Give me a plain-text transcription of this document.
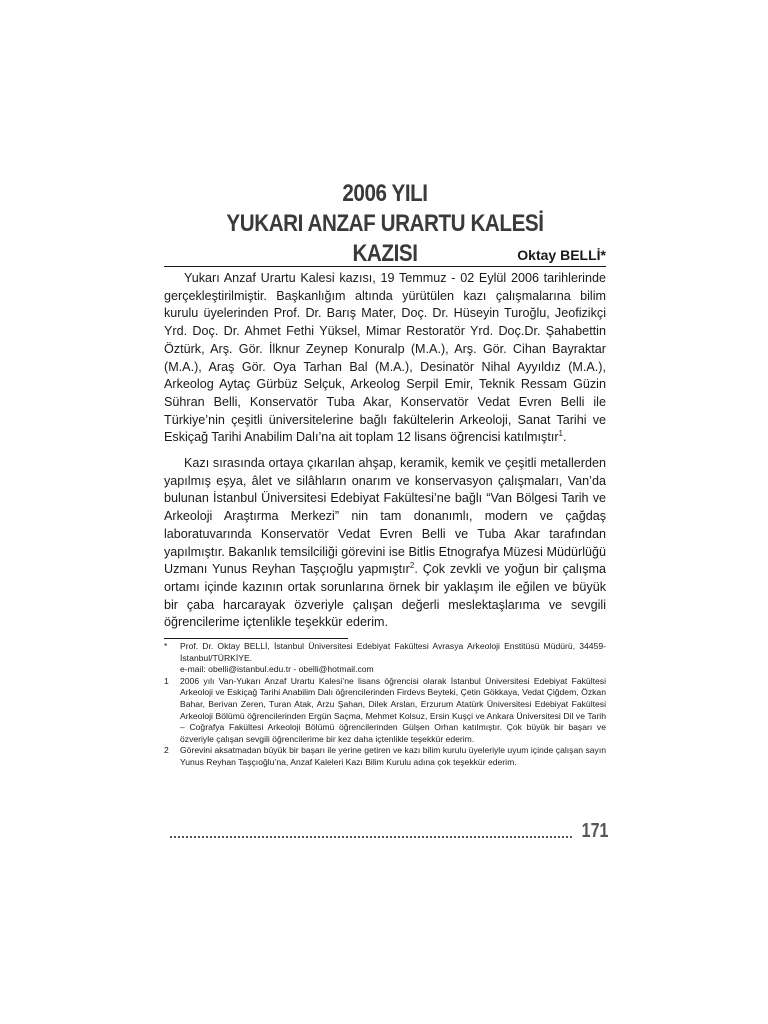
2006 YILI
YUKARI ANZAF URARTU KALESİ KAZISI	Oktay BELLİ*

Yukarı Anzaf Urartu Kalesi kazısı, 19 Temmuz - 02 Eylül 2006 tarihlerinde gerçekleştirilmiştir. Başkanlığım altında yürütülen kazı çalışmalarına bilim kurulu üyelerinden Prof. Dr. Barış Mater, Doç. Dr. Hüseyin Turoğlu, Jeofizikçi Yrd. Doç. Dr. Ahmet Fethi Yüksel, Mimar Restoratör Yrd. Doç.Dr. Şahabettin Öztürk, Arş. Gör. İlknur Zeynep Konuralp (M.A.), Arş. Gör. Cihan Bayraktar (M.A.), Araş Gör. Oya Tarhan Bal (M.A.), Desinatör Nihal Ayyıldız (M.A.), Arkeolog Aytaç Gürbüz Selçuk, Arkeolog Serpil Emir, Teknik Ressam Güzin Sühran Belli, Konservatör Tuba Akar, Konservatör Vedat Evren Belli ile Türkiye’nin çeşitli üniversitelerine bağlı fakültelerin Arkeoloji, Sanat Tarihi ve Eskiçağ Tarihi Anabilim Dalı’na ait toplam 12 lisans öğrencisi katılmıştır$^1$.

Kazı sırasında ortaya çıkarılan ahşap, keramik, kemik ve çeşitli metallerden yapılmış eşya, âlet ve silâhların onarım ve konservasyon çalışmaları, Van’da bulunan İstanbul Üniversitesi Edebiyat Fakültesi’ne bağlı “Van Bölgesi Tarih ve Arkeoloji Araştırma Merkezi” nin tam donanımlı, modern ve çağdaş laboratuvarında Konservatör Vedat Evren Belli ve Tuba Akar tarafından yapılmıştır. Bakanlık temsilciliği görevini ise Bitlis Etnografya Müzesi Müdürlüğü Uzmanı Yunus Reyhan Taşçıoğlu yapmıştır$^2$. Çok zevkli ve yoğun bir çalışma ortamı içinde kazının ortak sorunlarına örnek bir yaklaşım ile eğilen ve büyük bir çaba harcarayak özveriyle çalışan değerli meslektaşlarıma ve sevgili öğrencilerime içtenlikle teşekkür ederim.

*	Prof. Dr. Oktay BELLİ, İstanbul Üniversitesi Edebiyat Fakültesi Avrasya Arkeoloji Enstitüsü Müdürü, 34459-İstanbul/TÜRKİYE.
e-mail: obelli@istanbul.edu.tr - obelli@hotmail.com
1	2006 yılı Van-Yukarı Anzaf Urartu Kalesi’ne lisans öğrencisi olarak İstanbul Üniversitesi Edebiyat Fakültesi Arkeoloji ve Eskiçağ Tarihi Anabilim Dalı öğrencilerinden Firdevs Beyteki, Çetin Gökkaya, Vedat Çiğdem, Özkan Bahar, Berivan Zeren, Turan Atak, Arzu Şahan, Dilek Arslan, Erzurum Atatürk Üniversitesi Edebiyat Fakültesi Arkeoloji Bölümü öğrencilerinden Ergün Saçma, Mehmet Kolsuz, Ersin Kuşçi ve Ankara Üniversitesi Dil ve Tarih – Coğrafya Fakültesi Arkeoloji Bölümü öğrencilerinden Gülşen Orhan katılmıştır. Çok büyük bir başarı ve özveriyle çalışan sevgili öğrencilerime bir kez daha içtenlikle teşekkür ederim.
2	Görevini aksatmadan büyük bir başarı ile yerine getiren ve kazı bilim kurulu üyeleriyle uyum içinde çalışan sayın Yunus Reyhan Taşçıoğlu’na, Anzaf Kaleleri Kazı Bilim Kurulu adına çok teşekkür ederim.
171
